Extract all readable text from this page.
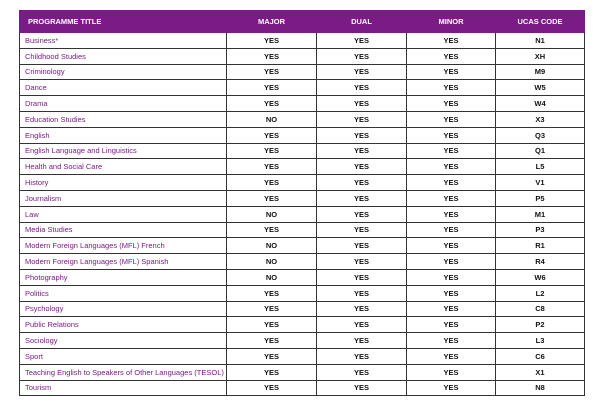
PROGRAMME TITLE	MAJOR	DUAL	MINOR	UCAS CODE
Business*	YES	YES	YES	N1
Childhood Studies	YES	YES	YES	XH
Criminology	YES	YES	YES	M9
Dance	YES	YES	YES	W5
Drama	YES	YES	YES	W4
Education Studies	NO	YES	YES	X3
English	YES	YES	YES	Q3
English Language and Linguistics	YES	YES	YES	Q1
Health and Social Care	YES	YES	YES	L5
History	YES	YES	YES	V1
Journalism	YES	YES	YES	P5
Law	NO	YES	YES	M1
Media Studies	YES	YES	YES	P3
Modern Foreign Languages (MFL) French	NO	YES	YES	R1
Modern Foreign Languages (MFL) Spanish	NO	YES	YES	R4
Photography	NO	YES	YES	W6
Politics	YES	YES	YES	L2
Psychology	YES	YES	YES	C8
Public Relations	YES	YES	YES	P2
Sociology	YES	YES	YES	L3
Sport	YES	YES	YES	C6
Teaching English to Speakers of Other Languages (TESOL)	YES	YES	YES	X1
Tourism	YES	YES	YES	N8
